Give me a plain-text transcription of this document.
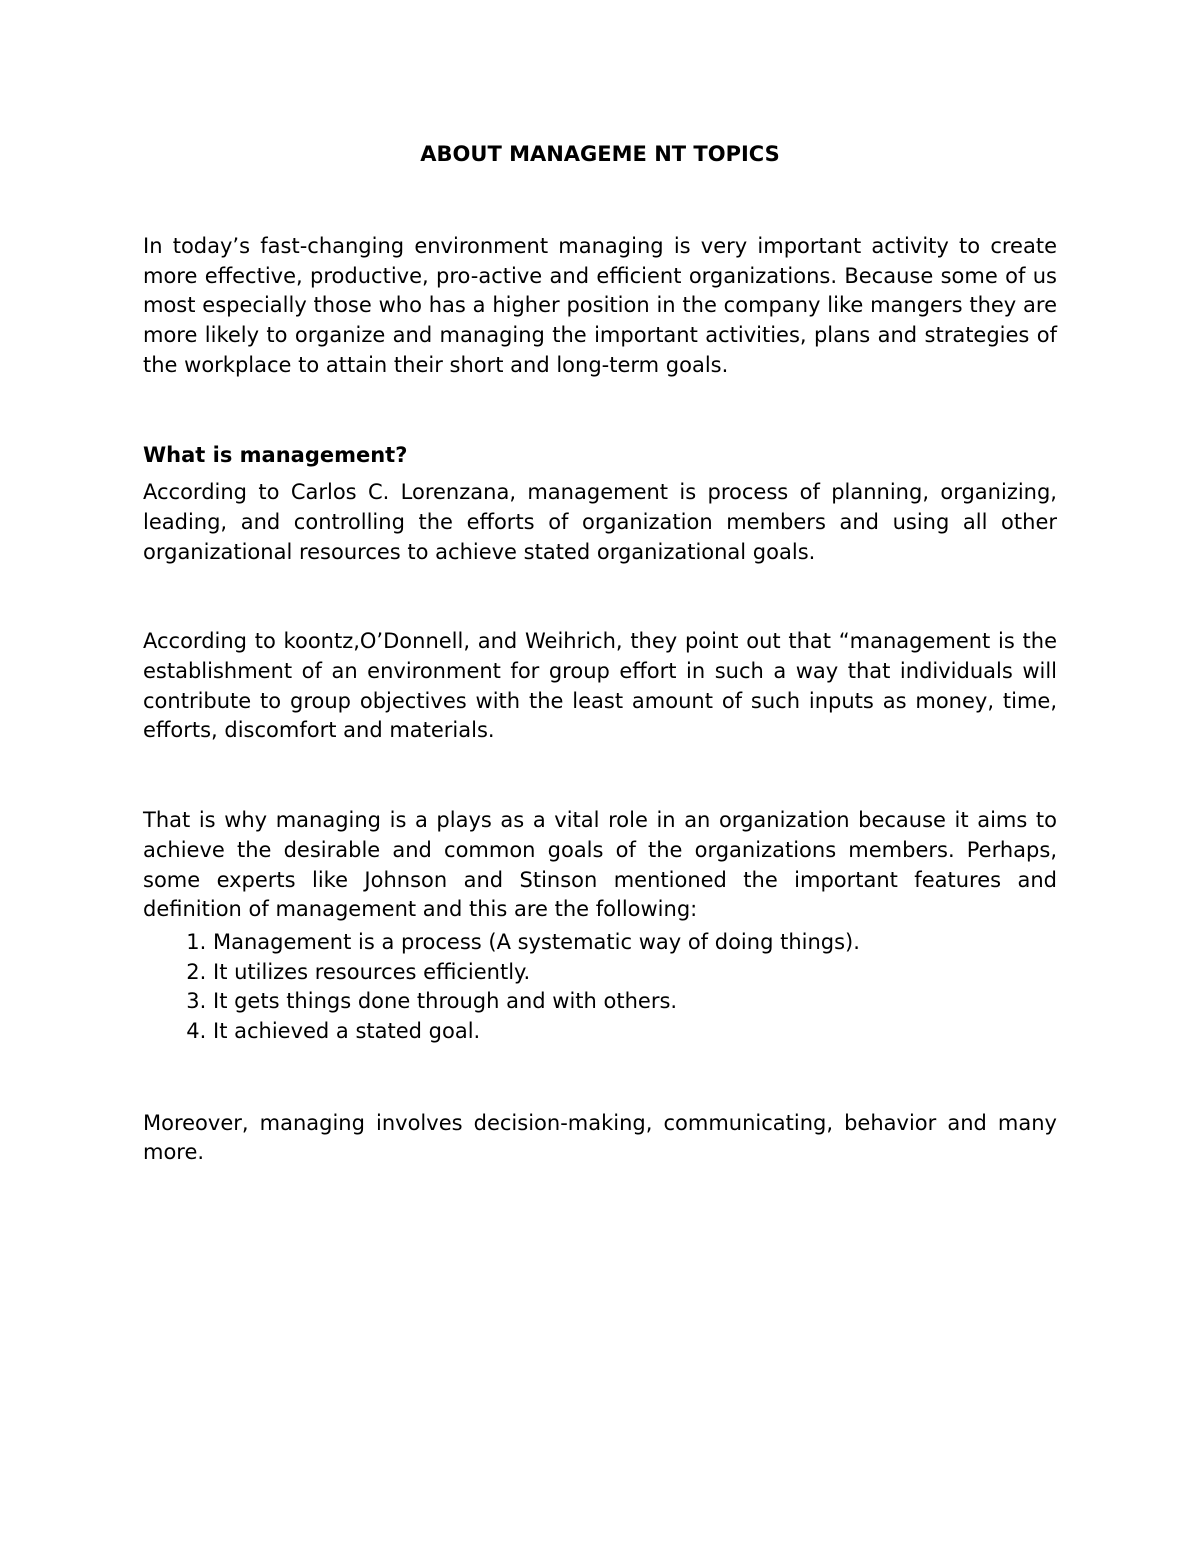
ABOUT MANAGEME NT TOPICS

In today’s fast-changing environment managing is very important activity to create more effective, productive, pro-active and efficient organizations. Because some of us most especially those who has a higher position in the company like mangers they are more likely to organize and managing the important activities, plans and strategies of the workplace to attain their short and long-term goals.

What is management?

According to Carlos C. Lorenzana, management is process of planning, organizing, leading, and controlling the efforts of organization members and using all other organizational resources to achieve stated organizational goals.

According to koontz,O’Donnell, and Weihrich, they point out that “management is the establishment of an environment for group effort in such a way that individuals will contribute to group objectives with the least amount of such inputs as money, time, efforts, discomfort and materials.

That is why managing is a plays as a vital role in an organization because it aims to achieve the desirable and common goals of the organizations members. Perhaps, some experts like Johnson and Stinson mentioned the important features and definition of management and this are the following:

1. Management is a process (A systematic way of doing things).
2. It utilizes resources efficiently.
3. It gets things done through and with others.
4. It achieved a stated goal.

Moreover, managing involves decision-making, communicating, behavior and many more.
